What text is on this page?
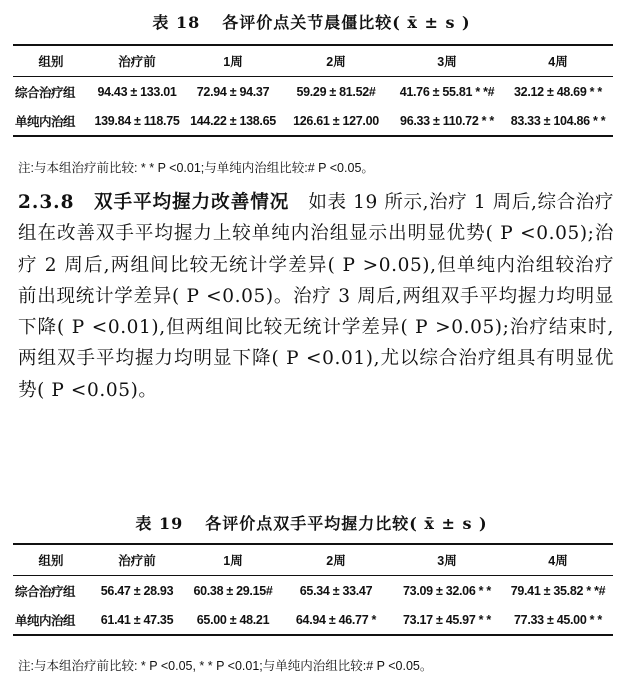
表 18 各评价点关节晨僵比较( x̄ ± s )
组别	治疗前	1周	2周	3周	4周
综合治疗组	94.43 ± 133.01	72.94 ± 94.37	59.29 ± 81.52#	41.76 ± 55.81 * *#	32.12 ± 48.69 * *
单纯内治组	139.84 ± 118.75	144.22 ± 138.65	126.61 ± 127.00	96.33 ± 110.72 * *	83.33 ± 104.86 * *
注:与本组治疗前比较: * * P <0.01;与单纯内治组比较:# P <0.05。
2.3.8　双手平均握力改善情况　如表 19 所示,治疗 1 周后,综合治疗组在改善双手平均握力上较单纯内治组显示出明显优势( P <0.05);治疗 2 周后,两组间比较无统计学差异( P >0.05),但单纯内治组较治疗前出现统计学差异( P <0.05)。治疗 3 周后,两组双手平均握力均明显下降( P <0.01),但两组间比较无统计学差异( P >0.05);治疗结束时,两组双手平均握力均明显下降( P <0.01),尤以综合治疗组具有明显优势( P <0.05)。
表 19 各评价点双手平均握力比较( x̄ ± s )
组别	治疗前	1周	2周	3周	4周
综合治疗组	56.47 ± 28.93	60.38 ± 29.15#	65.34 ± 33.47	73.09 ± 32.06 * *	79.41 ± 35.82 * *#
单纯内治组	61.41 ± 47.35	65.00 ± 48.21	64.94 ± 46.77 *	73.17 ± 45.97 * *	77.33 ± 45.00 * *
注:与本组治疗前比较: * P <0.05, * * P <0.01;与单纯内治组比较:# P <0.05。
